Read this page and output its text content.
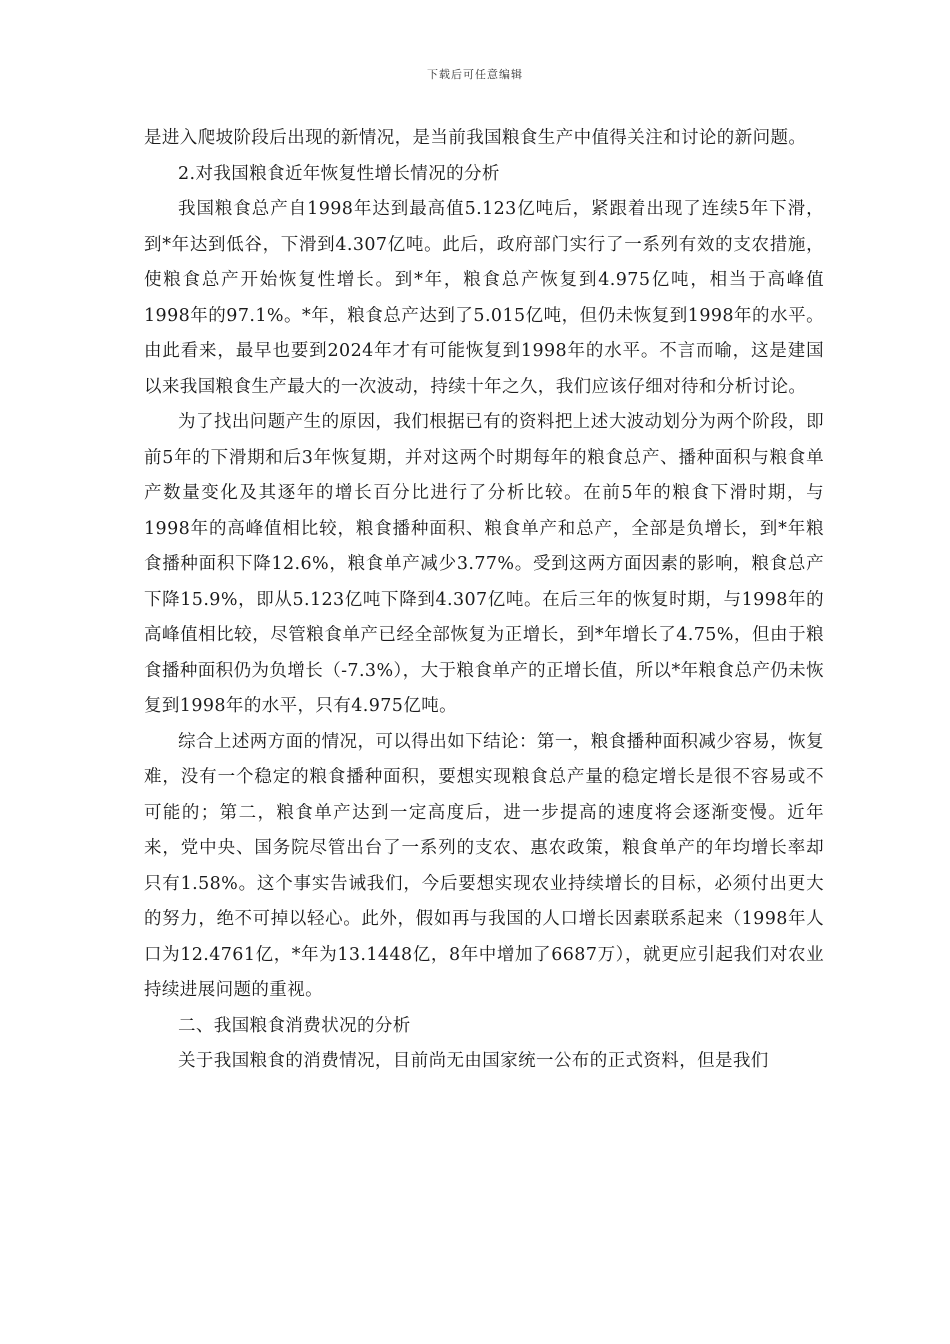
下载后可任意编辑

是进入爬坡阶段后出现的新情况，是当前我国粮食生产中值得关注和讨论的新问题。

2.对我国粮食近年恢复性增长情况的分析

我国粮食总产自1998年达到最高值5.123亿吨后，紧跟着出现了连续5年下滑，到*年达到低谷，下滑到4.307亿吨。此后，政府部门实行了一系列有效的支农措施，使粮食总产开始恢复性增长。到*年，粮食总产恢复到4.975亿吨，相当于高峰值1998年的97.1%。*年，粮食总产达到了5.015亿吨，但仍未恢复到1998年的水平。由此看来，最早也要到2024年才有可能恢复到1998年的水平。不言而喻，这是建国以来我国粮食生产最大的一次波动，持续十年之久，我们应该仔细对待和分析讨论。

为了找出问题产生的原因，我们根据已有的资料把上述大波动划分为两个阶段，即前5年的下滑期和后3年恢复期，并对这两个时期每年的粮食总产、播种面积与粮食单产数量变化及其逐年的增长百分比进行了分析比较。在前5年的粮食下滑时期，与1998年的高峰值相比较，粮食播种面积、粮食单产和总产，全部是负增长，到*年粮食播种面积下降12.6%，粮食单产减少3.77%。受到这两方面因素的影响，粮食总产下降15.9%，即从5.123亿吨下降到4.307亿吨。在后三年的恢复时期，与1998年的高峰值相比较，尽管粮食单产已经全部恢复为正增长，到*年增长了4.75%，但由于粮食播种面积仍为负增长（-7.3%），大于粮食单产的正增长值，所以*年粮食总产仍未恢复到1998年的水平，只有4.975亿吨。

综合上述两方面的情况，可以得出如下结论：第一，粮食播种面积减少容易，恢复难，没有一个稳定的粮食播种面积，要想实现粮食总产量的稳定增长是很不容易或不可能的；第二，粮食单产达到一定高度后，进一步提高的速度将会逐渐变慢。近年来，党中央、国务院尽管出台了一系列的支农、惠农政策，粮食单产的年均增长率却只有1.58%。这个事实告诫我们，今后要想实现农业持续增长的目标，必须付出更大的努力，绝不可掉以轻心。此外，假如再与我国的人口增长因素联系起来（1998年人口为12.4761亿，*年为13.1448亿，8年中增加了6687万），就更应引起我们对农业持续进展问题的重视。

二、我国粮食消费状况的分析

关于我国粮食的消费情况，目前尚无由国家统一公布的正式资料，但是我们
